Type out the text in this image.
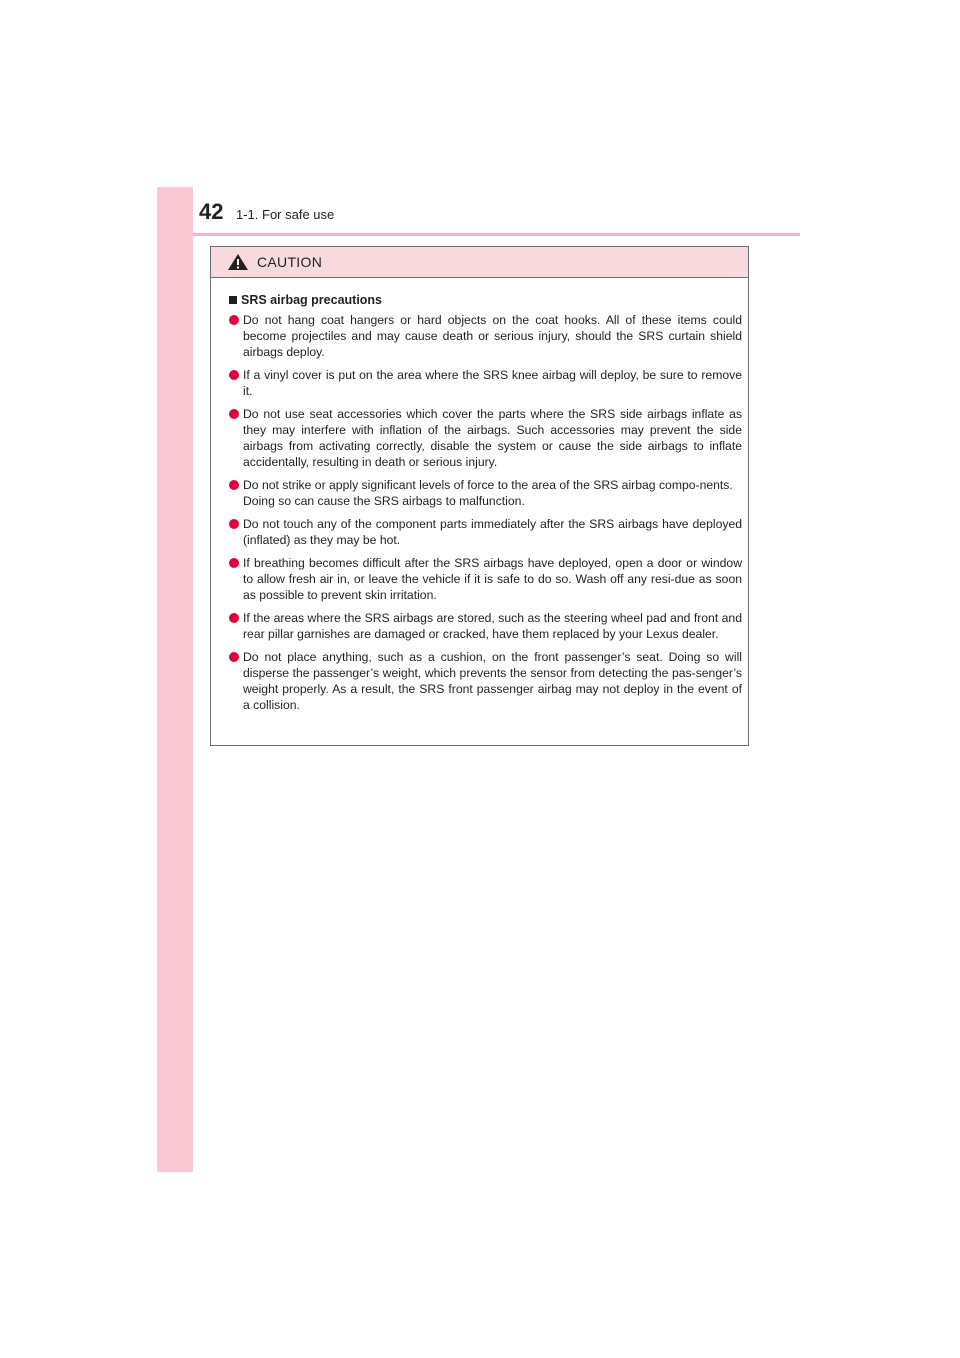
42 1-1. For safe use
CAUTION
SRS airbag precautions

Do not hang coat hangers or hard objects on the coat hooks. All of these items could become projectiles and may cause death or serious injury, should the SRS curtain shield airbags deploy.

If a vinyl cover is put on the area where the SRS knee airbag will deploy, be sure to remove it.

Do not use seat accessories which cover the parts where the SRS side airbags inflate as they may interfere with inflation of the airbags. Such accessories may prevent the side airbags from activating correctly, disable the system or cause the side airbags to inflate accidentally, resulting in death or serious injury.

Do not strike or apply significant levels of force to the area of the SRS airbag compo-nents.

Doing so can cause the SRS airbags to malfunction.

Do not touch any of the component parts immediately after the SRS airbags have deployed (inflated) as they may be hot.

If breathing becomes difficult after the SRS airbags have deployed, open a door or window to allow fresh air in, or leave the vehicle if it is safe to do so. Wash off any resi-due as soon as possible to prevent skin irritation.

If the areas where the SRS airbags are stored, such as the steering wheel pad and front and rear pillar garnishes are damaged or cracked, have them replaced by your Lexus dealer.

Do not place anything, such as a cushion, on the front passenger’s seat. Doing so will disperse the passenger’s weight, which prevents the sensor from detecting the pas-senger’s weight properly. As a result, the SRS front passenger airbag may not deploy in the event of a collision.
